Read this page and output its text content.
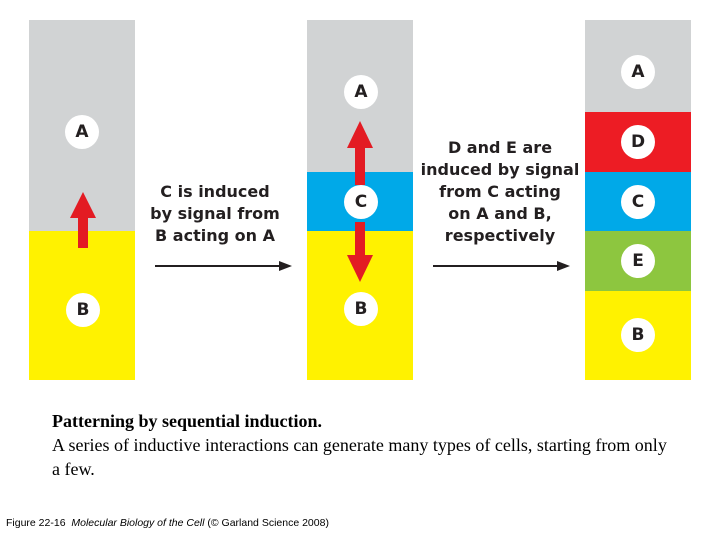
A
B
A
C
B
A
D
C
E
B
C is induced
by signal from
B acting on A
D and E are
induced by signal
from C acting
on A and B,
respectively
Patterning by sequential induction.
A series of inductive interactions can generate many types of cells, starting from only a few.
Figure 22-16 Molecular Biology of the Cell (© Garland Science 2008)
